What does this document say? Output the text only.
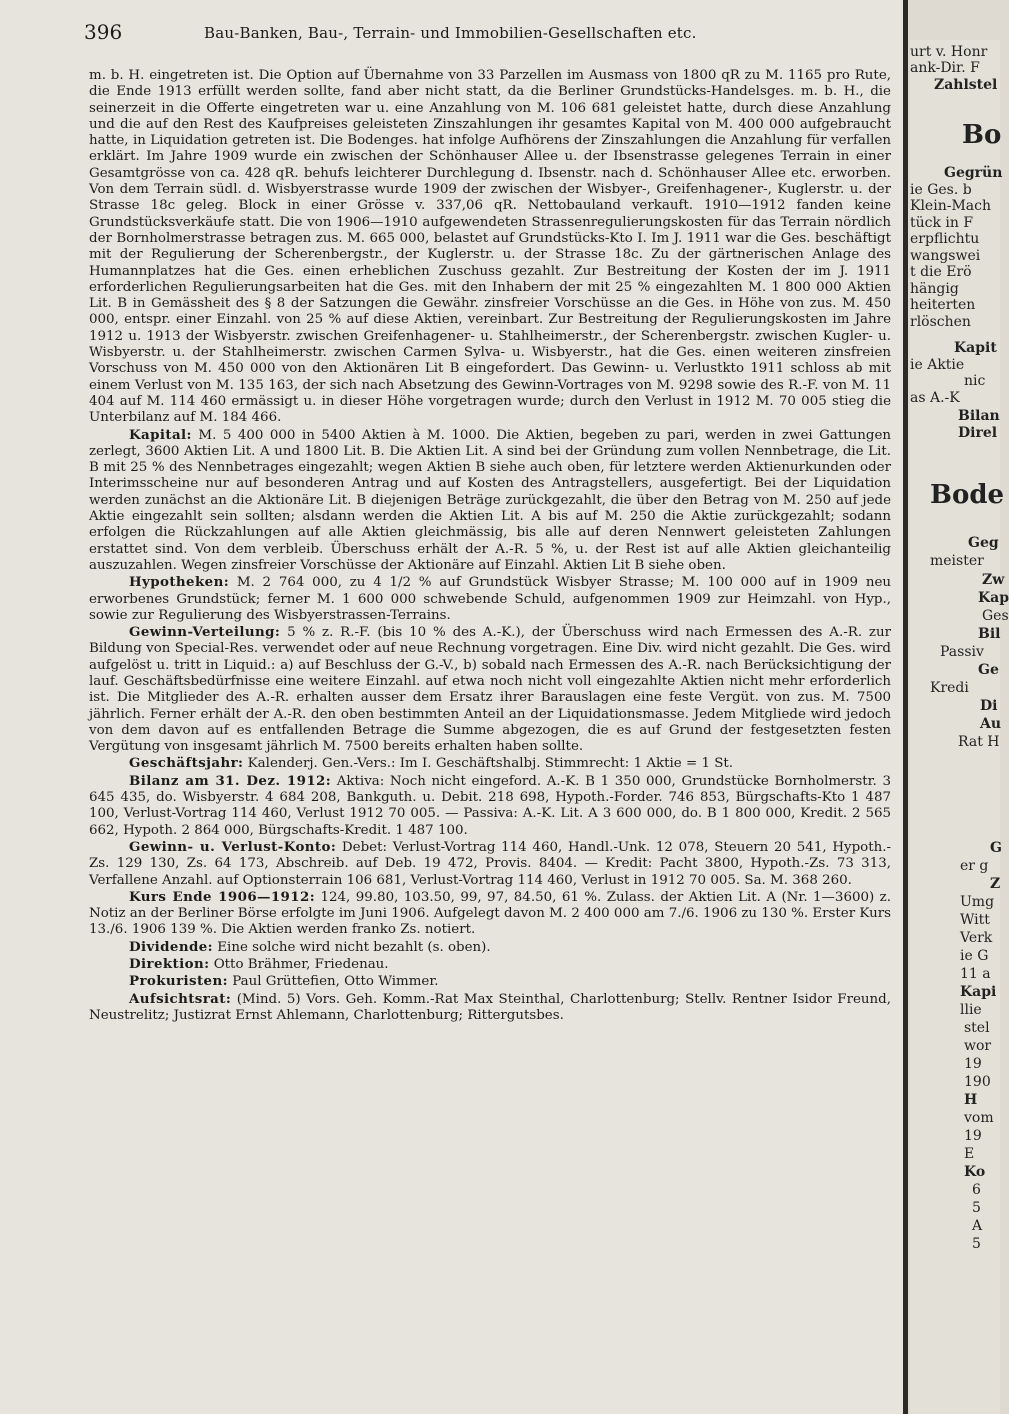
396	Bau-Banken, Bau-, Terrain- und Immobilien-Gesellschaften etc.

m. b. H. eingetreten ist. Die Option auf Übernahme von 33 Parzellen im Ausmass von 1800 qR zu M. 1165 pro Rute, die Ende 1913 erfüllt werden sollte, fand aber nicht statt, da die Berliner Grundstücks-Handelsges. m. b. H., die seinerzeit in die Offerte eingetreten war u. eine Anzahlung von M. 106 681 geleistet hatte, durch diese Anzahlung und die auf den Rest des Kaufpreises geleisteten Zinszahlungen ihr gesamtes Kapital von M. 400 000 aufgebraucht hatte, in Liquidation getreten ist. Die Bodenges. hat infolge Aufhörens der Zinszahlungen die Anzahlung für verfallen erklärt. Im Jahre 1909 wurde ein zwischen der Schönhauser Allee u. der Ibsenstrasse gelegenes Terrain in einer Gesamtgrösse von ca. 428 qR. behufs leichterer Durchlegung d. Ibsenstr. nach d. Schönhauser Allee etc. erworben. Von dem Terrain südl. d. Wisbyerstrasse wurde 1909 der zwischen der Wisbyer-, Greifenhagener-, Kuglerstr. u. der Strasse 18c geleg. Block in einer Grösse v. 337,06 qR. Nettobauland verkauft. 1910—1912 fanden keine Grundstücksverkäufe statt. Die von 1906—1910 aufgewendeten Strassenregulierungskosten für das Terrain nördlich der Bornholmerstrasse betragen zus. M. 665 000, belastet auf Grundstücks-Kto I. Im J. 1911 war die Ges. beschäftigt mit der Regulierung der Scherenbergstr., der Kuglerstr. u. der Strasse 18c. Zu der gärtnerischen Anlage des Humannplatzes hat die Ges. einen erheblichen Zuschuss gezahlt. Zur Bestreitung der Kosten der im J. 1911 erforderlichen Regulierungsarbeiten hat die Ges. mit den Inhabern der mit 25 % eingezahlten M. 1 800 000 Aktien Lit. B in Gemässheit des § 8 der Satzungen die Gewähr. zinsfreier Vorschüsse an die Ges. in Höhe von zus. M. 450 000, entspr. einer Einzahl. von 25 % auf diese Aktien, vereinbart. Zur Bestreitung der Regulierungskosten im Jahre 1912 u. 1913 der Wisbyerstr. zwischen Greifenhagener- u. Stahlheimerstr., der Scherenbergstr. zwischen Kugler- u. Wisbyerstr. u. der Stahlheimerstr. zwischen Carmen Sylva- u. Wisbyerstr., hat die Ges. einen weiteren zinsfreien Vorschuss von M. 450 000 von den Aktionären Lit B eingefordert. Das Gewinn- u. Verlustkto 1911 schloss ab mit einem Verlust von M. 135 163, der sich nach Absetzung des Gewinn-Vortrages von M. 9298 sowie des R.-F. von M. 11 404 auf M. 114 460 ermässigt u. in dieser Höhe vorgetragen wurde; durch den Verlust in 1912 M. 70 005 stieg die Unterbilanz auf M. 184 466.

Kapital: M. 5 400 000 in 5400 Aktien à M. 1000. Die Aktien, begeben zu pari, werden in zwei Gattungen zerlegt, 3600 Aktien Lit. A und 1800 Lit. B. Die Aktien Lit. A sind bei der Gründung zum vollen Nennbetrage, die Lit. B mit 25 % des Nennbetrages eingezahlt; wegen Aktien B siehe auch oben, für letztere werden Aktienurkunden oder Interimsscheine nur auf besonderen Antrag und auf Kosten des Antragstellers, ausgefertigt. Bei der Liquidation werden zunächst an die Aktionäre Lit. B diejenigen Beträge zurückgezahlt, die über den Betrag von M. 250 auf jede Aktie eingezahlt sein sollten; alsdann werden die Aktien Lit. A bis auf M. 250 die Aktie zurückgezahlt; sodann erfolgen die Rückzahlungen auf alle Aktien gleichmässig, bis alle auf deren Nennwert geleisteten Zahlungen erstattet sind. Von dem verbleib. Überschuss erhält der A.-R. 5 %, u. der Rest ist auf alle Aktien gleichanteilig auszuzahlen. Wegen zinsfreier Vorschüsse der Aktionäre auf Einzahl. Aktien Lit B siehe oben.

Hypotheken: M. 2 764 000, zu 4 1/2 % auf Grundstück Wisbyer Strasse; M. 100 000 auf in 1909 neu erworbenes Grundstück; ferner M. 1 600 000 schwebende Schuld, aufgenommen 1909 zur Heimzahl. von Hyp., sowie zur Regulierung des Wisbyerstrassen-Terrains.

Gewinn-Verteilung: 5 % z. R.-F. (bis 10 % des A.-K.), der Überschuss wird nach Ermessen des A.-R. zur Bildung von Special-Res. verwendet oder auf neue Rechnung vorgetragen. Eine Div. wird nicht gezahlt. Die Ges. wird aufgelöst u. tritt in Liquid.: a) auf Beschluss der G.-V., b) sobald nach Ermessen des A.-R. nach Berücksichtigung der lauf. Geschäftsbedürfnisse eine weitere Einzahl. auf etwa noch nicht voll eingezahlte Aktien nicht mehr erforderlich ist. Die Mitglieder des A.-R. erhalten ausser dem Ersatz ihrer Barauslagen eine feste Vergüt. von zus. M. 7500 jährlich. Ferner erhält der A.-R. den oben bestimmten Anteil an der Liquidationsmasse. Jedem Mitgliede wird jedoch von dem davon auf es entfallenden Betrage die Summe abgezogen, die es auf Grund der festgesetzten festen Vergütung von insgesamt jährlich M. 7500 bereits erhalten haben sollte.

Geschäftsjahr: Kalenderj. Gen.-Vers.: Im I. Geschäftshalbj. Stimmrecht: 1 Aktie = 1 St.

Bilanz am 31. Dez. 1912: Aktiva: Noch nicht eingeford. A.-K. B 1 350 000, Grundstücke Bornholmerstr. 3 645 435, do. Wisbyerstr. 4 684 208, Bankguth. u. Debit. 218 698, Hypoth.-Forder. 746 853, Bürgschafts-Kto 1 487 100, Verlust-Vortrag 114 460, Verlust 1912 70 005. — Passiva: A.-K. Lit. A 3 600 000, do. B 1 800 000, Kredit. 2 565 662, Hypoth. 2 864 000, Bürgschafts-Kredit. 1 487 100.

Gewinn- u. Verlust-Konto: Debet: Verlust-Vortrag 114 460, Handl.-Unk. 12 078, Steuern 20 541, Hypoth.-Zs. 129 130, Zs. 64 173, Abschreib. auf Deb. 19 472, Provis. 8404. — Kredit: Pacht 3800, Hypoth.-Zs. 73 313, Verfallene Anzahl. auf Optionsterrain 106 681, Verlust-Vortrag 114 460, Verlust in 1912 70 005. Sa. M. 368 260.

Kurs Ende 1906—1912: 124, 99.80, 103.50, 99, 97, 84.50, 61 %. Zulass. der Aktien Lit. A (Nr. 1—3600) z. Notiz an der Berliner Börse erfolgte im Juni 1906. Aufgelegt davon M. 2 400 000 am 7./6. 1906 zu 130 %. Erster Kurs 13./6. 1906 139 %. Die Aktien werden franko Zs. notiert.

Dividende: Eine solche wird nicht bezahlt (s. oben).

Direktion: Otto Brähmer, Friedenau.

Prokuristen: Paul Grüttefien, Otto Wimmer.

Aufsichtsrat: (Mind. 5) Vors. Geh. Komm.-Rat Max Steinthal, Charlottenburg; Stellv. Rentner Isidor Freund, Neustrelitz; Justizrat Ernst Ahlemann, Charlottenburg; Rittergutsbes.

urt v. Honr
ank-Dir. F
Zahlstel
Bo
Gegrün
ie Ges. b
Klein-Mach
tück in F
erpflichtu
wangswei
t die Erö
hängig
heiterten
rlöschen
Kapit
ie Aktie
nic
as A.-K
Bilan
Direl
Bode
Geg
meister
Zw
Kap
Ges
Bil
Passiv
Ge
Kredi
Di
Au
Rat H
G
er g
Z
Umg
Witt
Verk
ie G
11 a
Kapi
llie
stel
wor
19
190
H
vom
19
E
Ko
6
5
A
5
